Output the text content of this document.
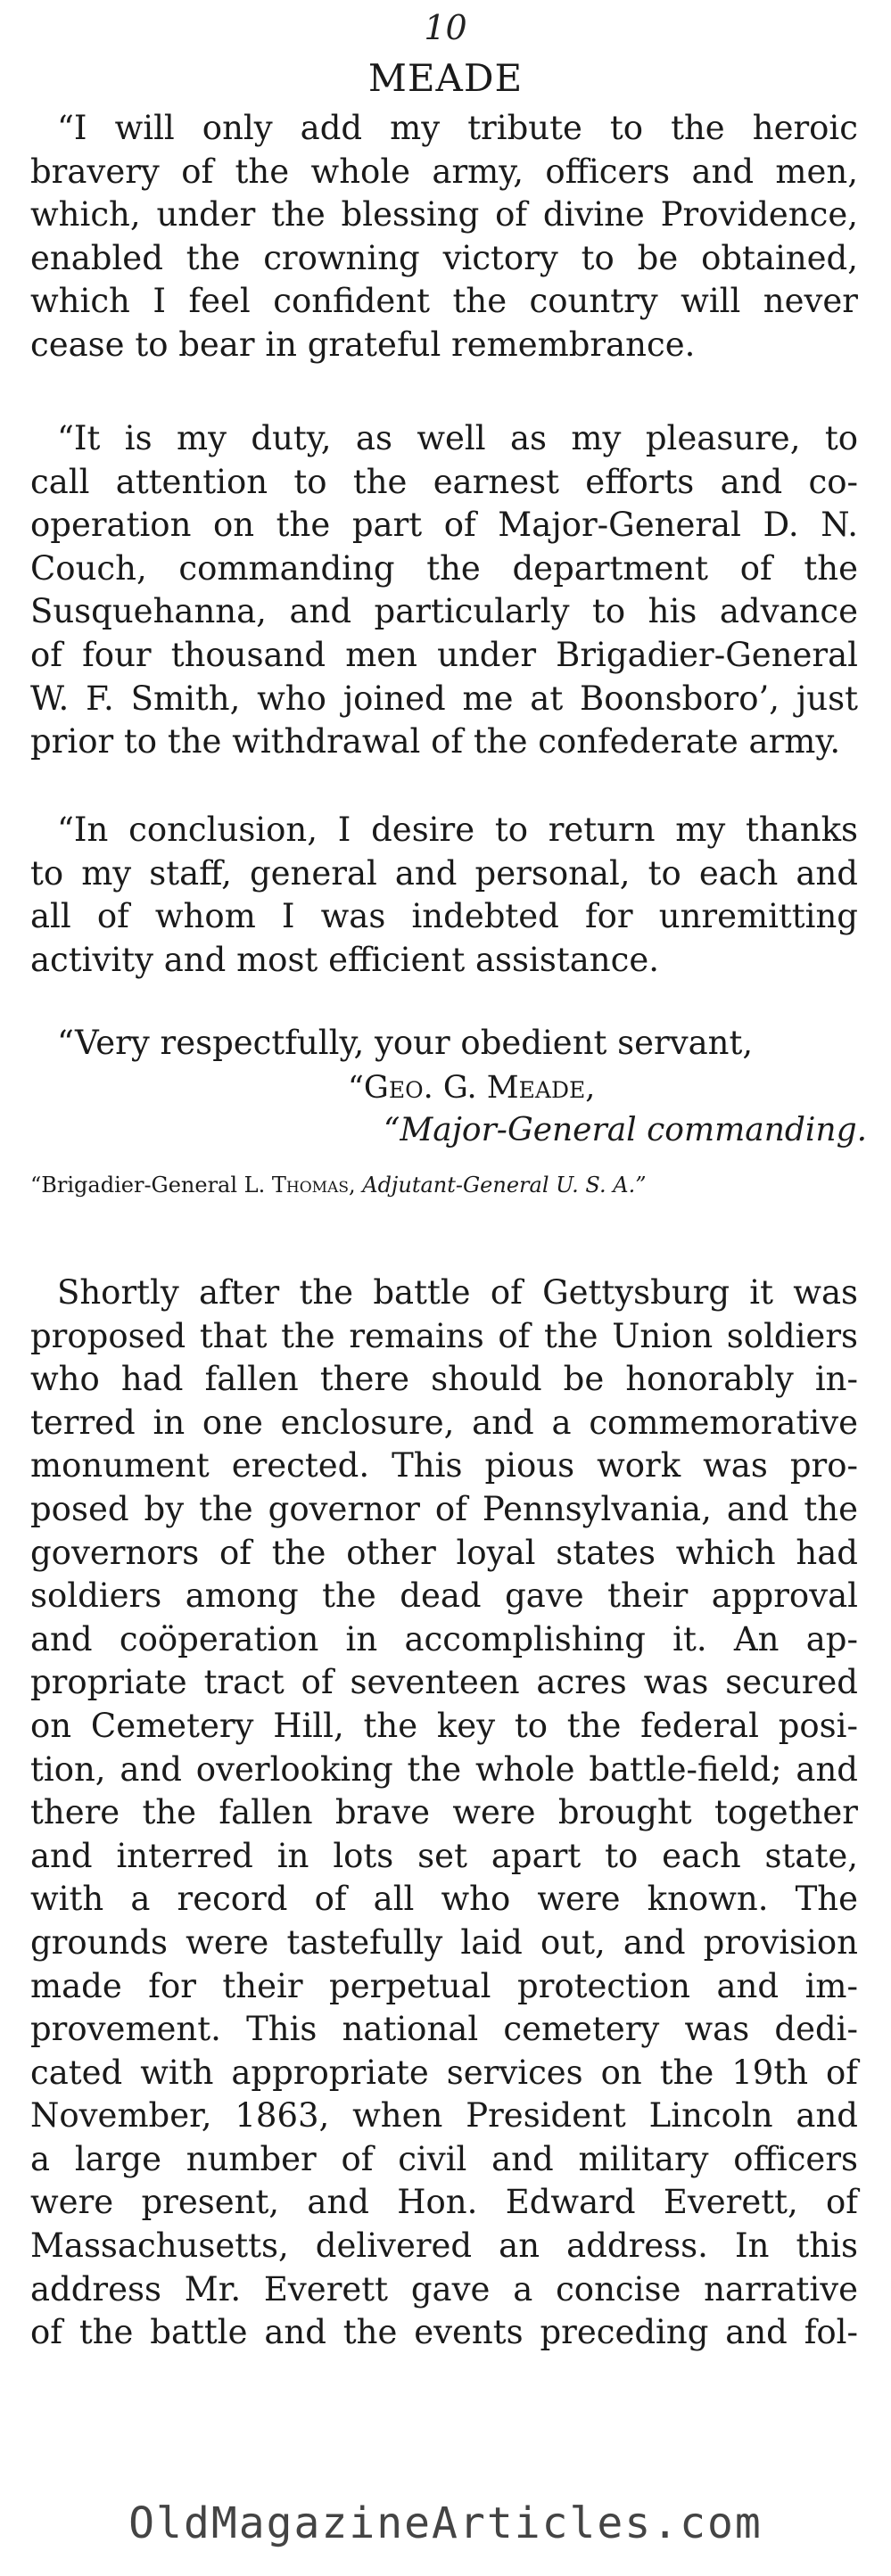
10
MEADE
“I will only add my tribute to the heroic
bravery of the whole army, officers and men,
which, under the blessing of divine Providence,
enabled the crowning victory to be obtained,
which I feel confident the country will never
cease to bear in grateful remembrance.
“It is my duty, as well as my pleasure, to
call attention to the earnest efforts and co-
operation on the part of Major-General D. N.
Couch, commanding the department of the
Susquehanna, and particularly to his advance
of four thousand men under Brigadier-General
W. F. Smith, who joined me at Boonsboro’, just
prior to the withdrawal of the confederate army.
“In conclusion, I desire to return my thanks
to my staff, general and personal, to each and
all of whom I was indebted for unremitting
activity and most efficient assistance.
“Very respectfully, your obedient servant,
“Geo. G. Meade,
“Major-General commanding.
“Brigadier-General L. Thomas, Adjutant-General U. S. A.”
Shortly after the battle of Gettysburg it was
proposed that the remains of the Union soldiers
who had fallen there should be honorably in-
terred in one enclosure, and a commemorative
monument erected. This pious work was pro-
posed by the governor of Pennsylvania, and the
governors of the other loyal states which had
soldiers among the dead gave their approval
and coöperation in accomplishing it. An ap-
propriate tract of seventeen acres was secured
on Cemetery Hill, the key to the federal posi-
tion, and overlooking the whole battle-field; and
there the fallen brave were brought together
and interred in lots set apart to each state,
with a record of all who were known. The
grounds were tastefully laid out, and provision
made for their perpetual protection and im-
provement. This national cemetery was dedi-
cated with appropriate services on the 19th of
November, 1863, when President Lincoln and
a large number of civil and military officers
were present, and Hon. Edward Everett, of
Massachusetts, delivered an address. In this
address Mr. Everett gave a concise narrative
of the battle and the events preceding and fol-
OldMagazineArticles.com
